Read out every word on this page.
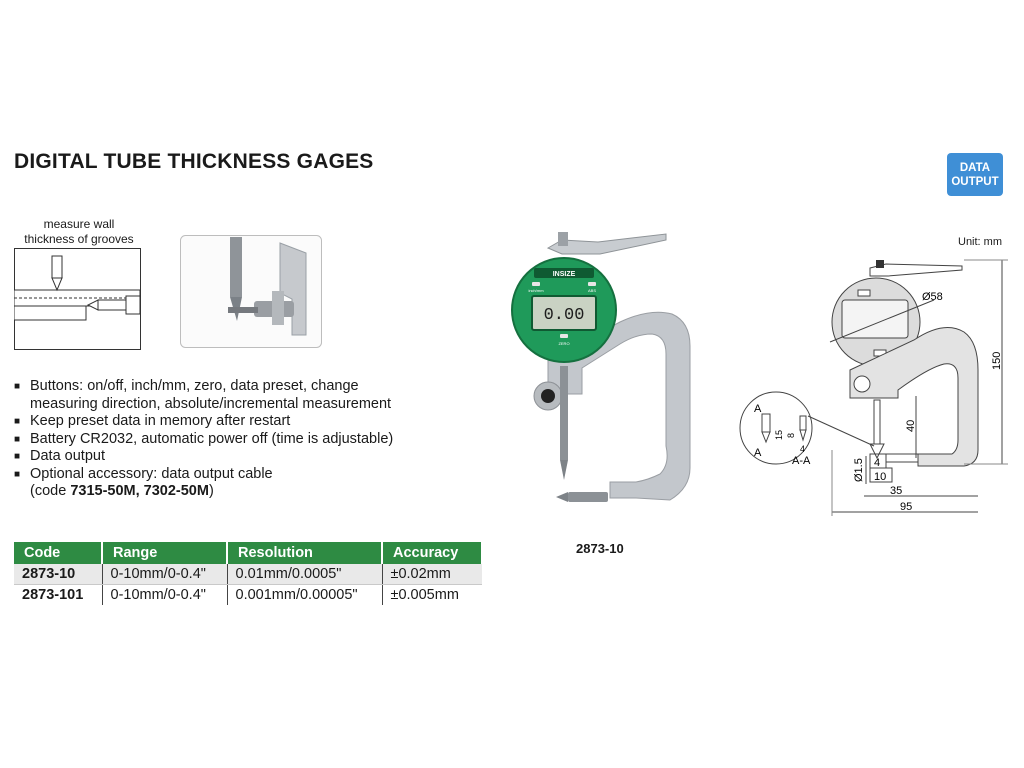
DIGITAL TUBE THICKNESS GAGES	DATA
OUTPUT
measure wall
thickness of grooves
■ Buttons: on/off, inch/mm, zero, data preset, change
measuring direction, absolute/incremental measurement
■ Keep preset data in memory after restart
■ Battery CR2032, automatic power off (time is adjustable)
■ Data output
■ Optional accessory: data output cable
(code 7315-50M, 7302-50M)
Code	Range	Resolution	Accuracy
2873-10	0-10mm/0-0.4"	0.01mm/0.0005"	±0.02mm
2873-101	0-10mm/0-0.4"	0.001mm/0.00005"	±0.005mm
INSIZE
inch/mm	ABS
0.00
ZERO
2873-10
Unit: mm
Ø58
150
40
Ø1.5 4
10
35
95
A
A
15 8
4
A-A
